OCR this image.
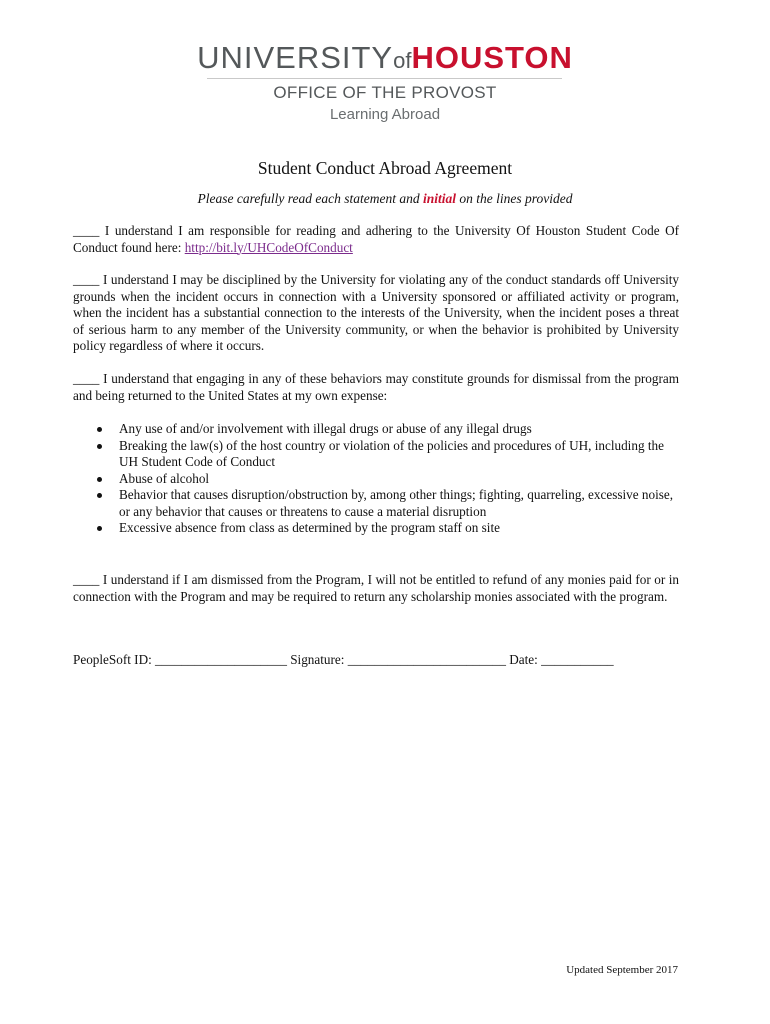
UNIVERSITYofHOUSTON
OFFICE OF THE PROVOST
Learning Abroad
Student Conduct Abroad Agreement
Please carefully read each statement and initial on the lines provided

____ I understand I am responsible for reading and adhering to the University Of Houston Student Code Of Conduct found here: http://bit.ly/UHCodeOfConduct

____ I understand I may be disciplined by the University for violating any of the conduct standards off University grounds when the incident occurs in connection with a University sponsored or affiliated activity or program, when the incident has a substantial connection to the interests of the University, when the incident poses a threat of serious harm to any member of the University community, or when the behavior is prohibited by University policy regardless of where it occurs.

____ I understand that engaging in any of these behaviors may constitute grounds for dismissal from the program and being returned to the United States at my own expense:

Any use of and/or involvement with illegal drugs or abuse of any illegal drugs
Breaking the law(s) of the host country or violation of the policies and procedures of UH, including the UH Student Code of Conduct
Abuse of alcohol
Behavior that causes disruption/obstruction by, among other things; fighting, quarreling, excessive noise, or any behavior that causes or threatens to cause a material disruption
Excessive absence from class as determined by the program staff on site

____ I understand if I am dismissed from the Program, I will not be entitled to refund of any monies paid for or in connection with the Program and may be required to return any scholarship monies associated with the program.

PeopleSoft ID: ____________________ Signature: ________________________ Date: ___________
Updated September 2017
